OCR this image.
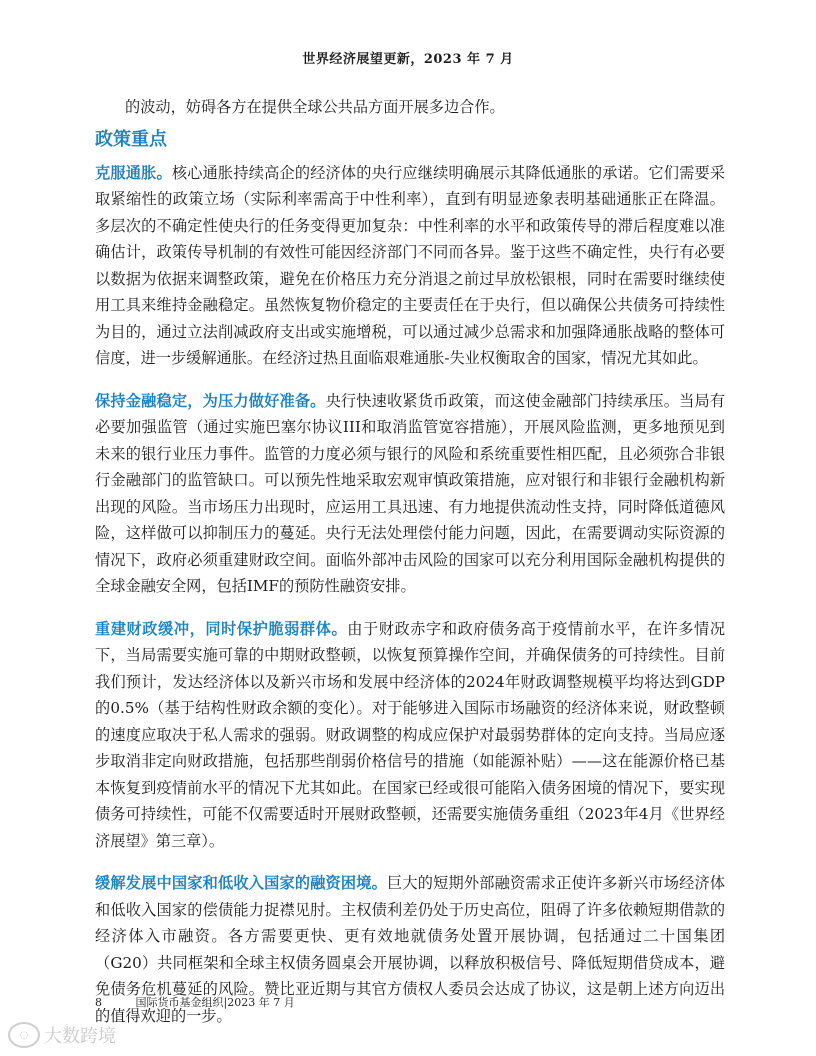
世界经济展望更新，2023 年 7 月

的波动，妨碍各方在提供全球公共品方面开展多边合作。

政策重点

克服通胀。核心通胀持续高企的经济体的央行应继续明确展示其降低通胀的承诺。它们需要采取紧缩性的政策立场（实际利率需高于中性利率），直到有明显迹象表明基础通胀正在降温。多层次的不确定性使央行的任务变得更加复杂：中性利率的水平和政策传导的滞后程度难以准确估计，政策传导机制的有效性可能因经济部门不同而各异。鉴于这些不确定性，央行有必要以数据为依据来调整政策，避免在价格压力充分消退之前过早放松银根，同时在需要时继续使用工具来维持金融稳定。虽然恢复物价稳定的主要责任在于央行，但以确保公共债务可持续性为目的，通过立法削减政府支出或实施增税，可以通过减少总需求和加强降通胀战略的整体可信度，进一步缓解通胀。在经济过热且面临艰难通胀-失业权衡取舍的国家，情况尤其如此。

保持金融稳定，为压力做好准备。央行快速收紧货币政策，而这使金融部门持续承压。当局有必要加强监管（通过实施巴塞尔协议III和取消监管宽容措施），开展风险监测，更多地预见到未来的银行业压力事件。监管的力度必须与银行的风险和系统重要性相匹配，且必须弥合非银行金融部门的监管缺口。可以预先性地采取宏观审慎政策措施，应对银行和非银行金融机构新出现的风险。当市场压力出现时，应运用工具迅速、有力地提供流动性支持，同时降低道德风险，这样做可以抑制压力的蔓延。央行无法处理偿付能力问题，因此，在需要调动实际资源的情况下，政府必须重建财政空间。面临外部冲击风险的国家可以充分利用国际金融机构提供的全球金融安全网，包括IMF的预防性融资安排。

重建财政缓冲，同时保护脆弱群体。由于财政赤字和政府债务高于疫情前水平，在许多情况下，当局需要实施可靠的中期财政整顿，以恢复预算操作空间，并确保债务的可持续性。目前我们预计，发达经济体以及新兴市场和发展中经济体的2024年财政调整规模平均将达到GDP的0.5%（基于结构性财政余额的变化）。对于能够进入国际市场融资的经济体来说，财政整顿的速度应取决于私人需求的强弱。财政调整的构成应保护对最弱势群体的定向支持。当局应逐步取消非定向财政措施，包括那些削弱价格信号的措施（如能源补贴）——这在能源价格已基本恢复到疫情前水平的情况下尤其如此。在国家已经或很可能陷入债务困境的情况下，要实现债务可持续性，可能不仅需要适时开展财政整顿，还需要实施债务重组（2023年4月《世界经济展望》第三章）。

缓解发展中国家和低收入国家的融资困境。巨大的短期外部融资需求正使许多新兴市场经济体和低收入国家的偿债能力捉襟见肘。主权债利差仍处于历史高位，阻碍了许多依赖短期借款的经济体入市融资。各方需要更快、更有效地就债务处置开展协调，包括通过二十国集团（G20）共同框架和全球主权债务圆桌会开展协调，以释放积极信号、降低短期借贷成本，避免债务危机蔓延的风险。赞比亚近期与其官方债权人委员会达成了协议，这是朝上述方向迈出的值得欢迎的一步。

8	国际货币基金组织|2023 年 7 月
◌ 大数跨境
